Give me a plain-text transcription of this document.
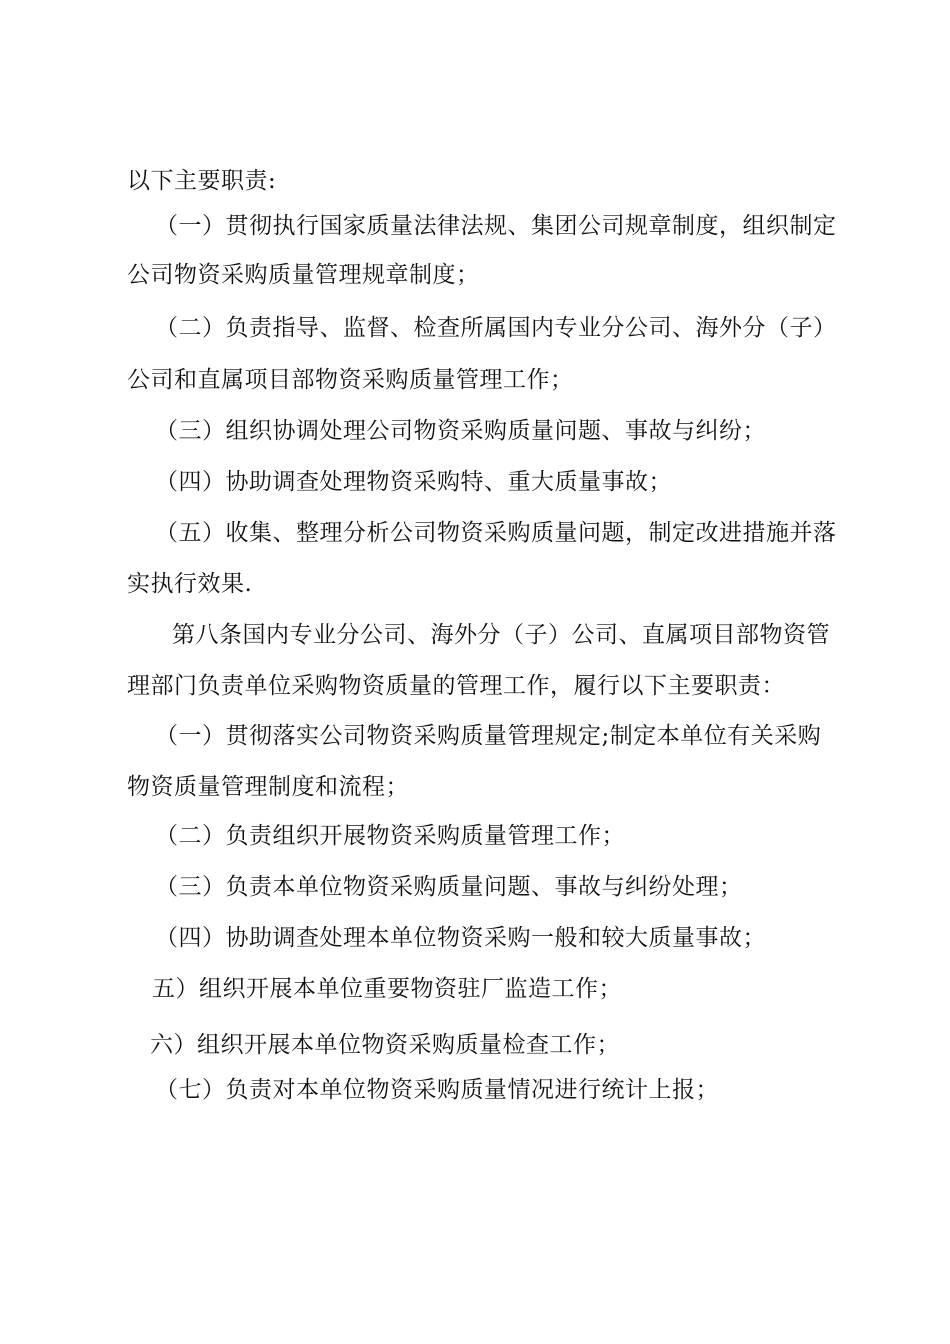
以下主要职责:
（一）贯彻执行国家质量法律法规、集团公司规章制度，组织制定
公司物资采购质量管理规章制度；
（二）负责指导、监督、检查所属国内专业分公司、海外分（子）
公司和直属项目部物资采购质量管理工作；
（三）组织协调处理公司物资采购质量问题、事故与纠纷；
（四）协助调查处理物资采购特、重大质量事故；
（五）收集、整理分析公司物资采购质量问题，制定改进措施并落
实执行效果.
第八条国内专业分公司、海外分（子）公司、直属项目部物资管
理部门负责单位采购物资质量的管理工作，履行以下主要职责：
（一）贯彻落实公司物资采购质量管理规定;制定本单位有关采购
物资质量管理制度和流程；
（二）负责组织开展物资采购质量管理工作；
（三）负责本单位物资采购质量问题、事故与纠纷处理；
（四）协助调查处理本单位物资采购一般和较大质量事故；
五）组织开展本单位重要物资驻厂监造工作；
六）组织开展本单位物资采购质量检查工作；
（七）负责对本单位物资采购质量情况进行统计上报；
